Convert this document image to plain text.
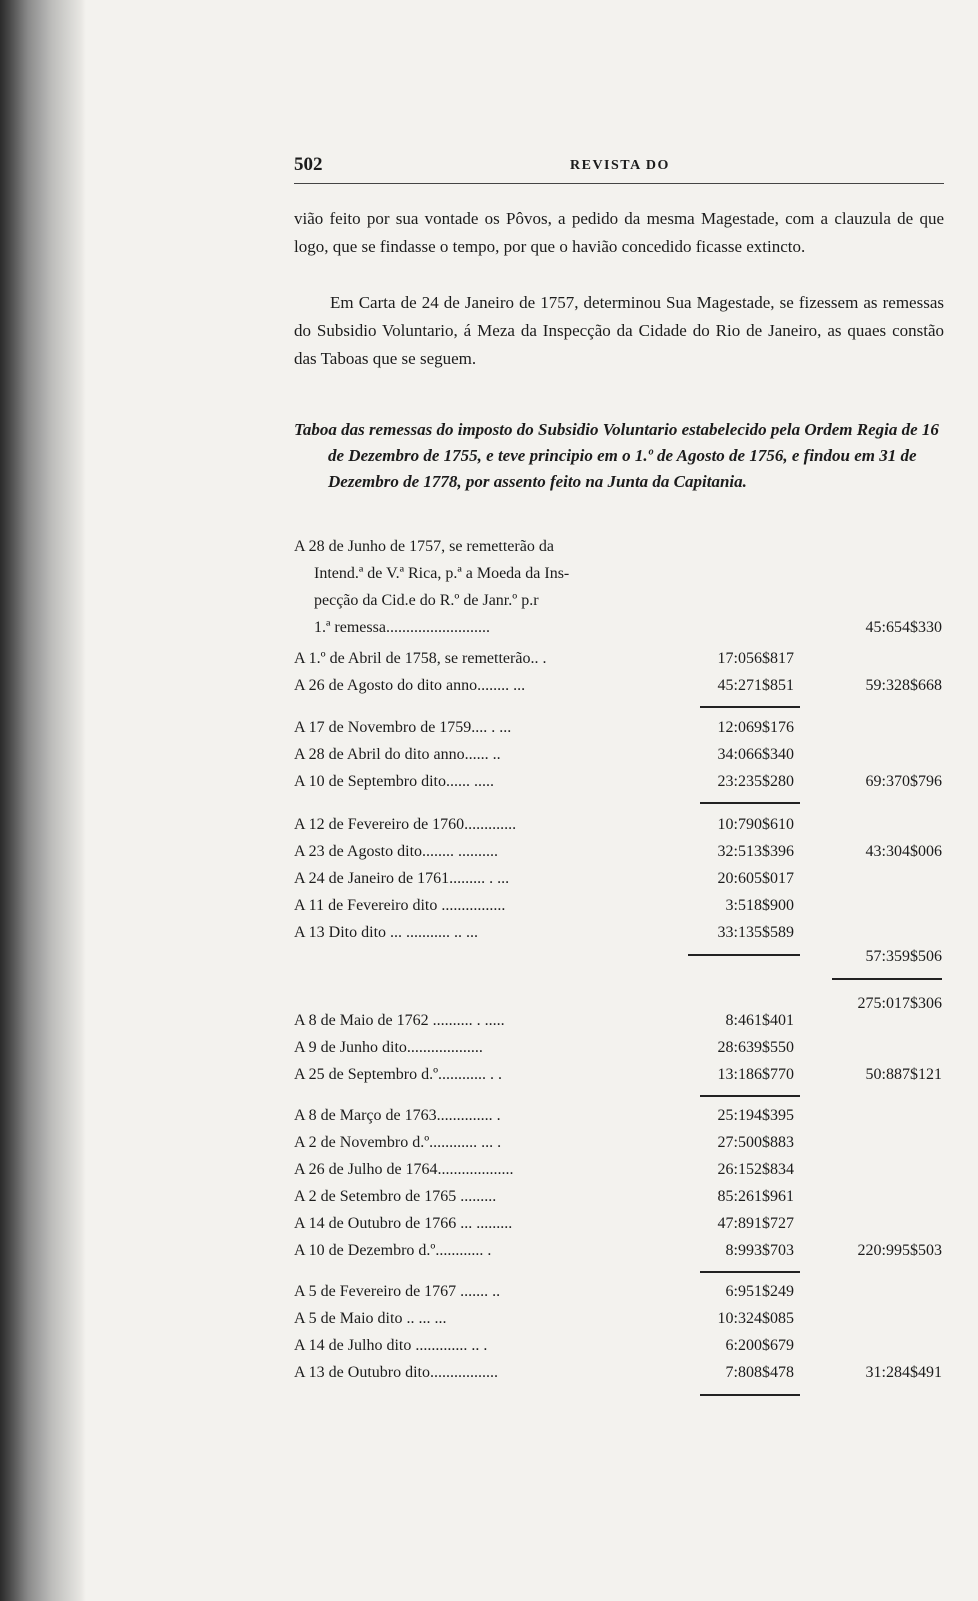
502	REVISTA DO
vião feito por sua vontade os Pôvos, a pedido da mesma Magestade, com a clauzula de que logo, que se findasse o tempo, por que o havião concedido ficasse extincto.
Em Carta de 24 de Janeiro de 1757, determinou Sua Magestade, se fizessem as remessas do Subsidio Voluntario, á Meza da Inspecção da Cidade do Rio de Janeiro, as quaes constão das Taboas que se seguem.
Taboa das remessas do imposto do Subsidio Voluntario estabelecido pela Ordem Regia de 16 de Dezembro de 1755, e teve principio em o 1.º de Agosto de 1756, e findou em 31 de Dezembro de 1778, por assento feito na Junta da Capitania.
A 28 de Junho de 1757, se remetterão da
Intend.ª de V.ª Rica, p.ª a Moeda da Ins-
pecção da Cid.e do R.º de Janr.º p.r
1.ª remessa..........................	45:654$330
A 1.º de Abril de 1758, se remetterão.. .	17:056$817
A 26 de Agosto do dito anno........ ...	45:271$851	59:328$668
A 17 de Novembro de 1759.... . ...	12:069$176
A 28 de Abril do dito anno...... ..	34:066$340
A 10 de Septembro dito...... .....	23:235$280	69:370$796
A 12 de Fevereiro de 1760.............	10:790$610
A 23 de Agosto dito........ ..........	32:513$396	43:304$006
A 24 de Janeiro de 1761......... . ...	20:605$017
A 11 de Fevereiro dito ................	3:518$900
A 13 Dito dito ... ........... .. ...	33:135$589
57:359$506
275:017$306
A 8 de Maio de 1762 .......... . .....	8:461$401
A 9 de Junho dito...................	28:639$550
A 25 de Septembro d.º............ . .	13:186$770	50:887$121
A 8 de Março de 1763.............. .	25:194$395
A 2 de Novembro d.º............ ... .	27:500$883
A 26 de Julho de 1764...................	26:152$834
A 2 de Setembro de 1765 .........	85:261$961
A 14 de Outubro de 1766 ... .........	47:891$727
A 10 de Dezembro d.º............ .	8:993$703	220:995$503
A 5 de Fevereiro de 1767 ....... ..	6:951$249
A 5 de Maio dito .. ... ...	10:324$085
A 14 de Julho dito ............. .. .	6:200$679
A 13 de Outubro dito.................	7:808$478	31:284$491
